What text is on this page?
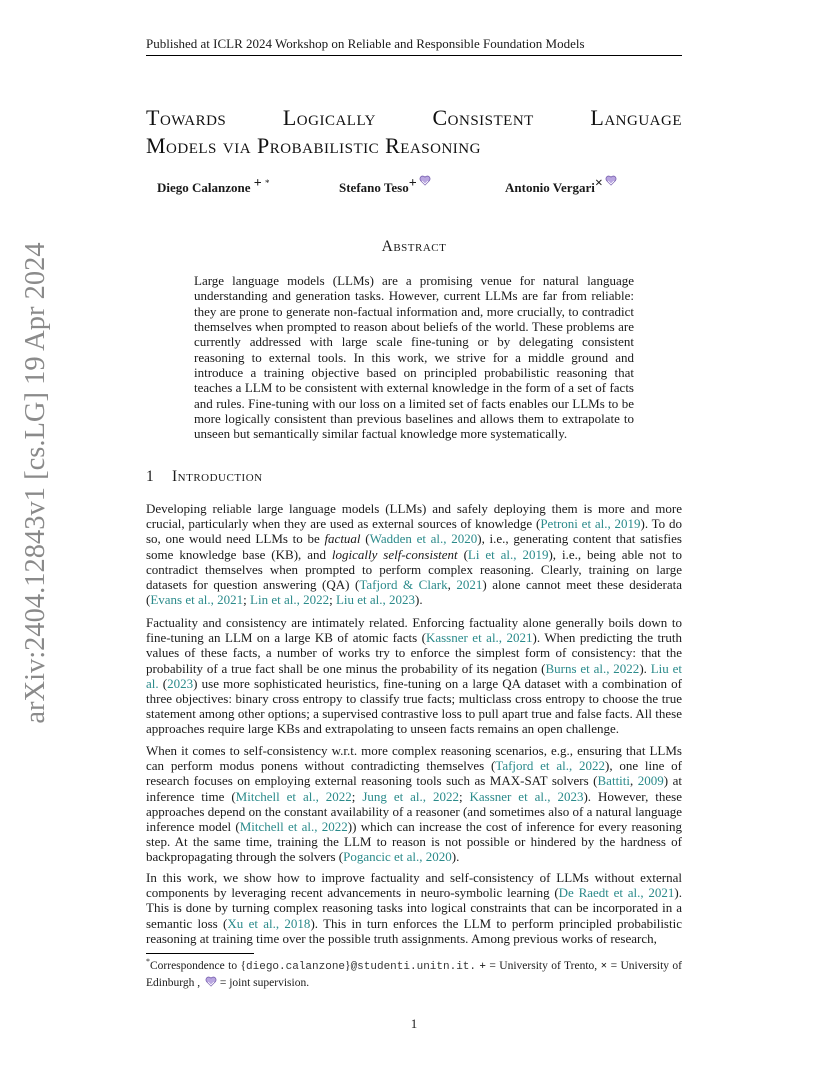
Published at ICLR 2024 Workshop on Reliable and Responsible Foundation Models
arXiv:2404.12843v1 [cs.LG] 19 Apr 2024
Towards Logically Consistent Language
Models via Probabilistic Reasoning
Diego Calanzone + *	Stefano Teso+	Antonio Vergari×
Abstract

Large language models (LLMs) are a promising venue for natural language understanding and generation tasks. However, current LLMs are far from reliable: they are prone to generate non-factual information and, more crucially, to contradict themselves when prompted to reason about beliefs of the world. These problems are currently addressed with large scale fine-tuning or by delegating consistent reasoning to external tools. In this work, we strive for a middle ground and introduce a training objective based on principled probabilistic reasoning that teaches a LLM to be consistent with external knowledge in the form of a set of facts and rules. Fine-tuning with our loss on a limited set of facts enables our LLMs to be more logically consistent than previous baselines and allows them to extrapolate to unseen but semantically similar factual knowledge more systematically.

1 Introduction

Developing reliable large language models (LLMs) and safely deploying them is more and more crucial, particularly when they are used as external sources of knowledge (Petroni et al., 2019). To do so, one would need LLMs to be factual (Wadden et al., 2020), i.e., generating content that satisfies some knowledge base (KB), and logically self-consistent (Li et al., 2019), i.e., being able not to contradict themselves when prompted to perform complex reasoning. Clearly, training on large datasets for question answering (QA) (Tafjord & Clark, 2021) alone cannot meet these desiderata (Evans et al., 2021; Lin et al., 2022; Liu et al., 2023).

Factuality and consistency are intimately related. Enforcing factuality alone generally boils down to fine-tuning an LLM on a large KB of atomic facts (Kassner et al., 2021). When predicting the truth values of these facts, a number of works try to enforce the simplest form of consistency: that the probability of a true fact shall be one minus the probability of its negation (Burns et al., 2022). Liu et al. (2023) use more sophisticated heuristics, fine-tuning on a large QA dataset with a combination of three objectives: binary cross entropy to classify true facts; multiclass cross entropy to choose the true statement among other options; a supervised contrastive loss to pull apart true and false facts. All these approaches require large KBs and extrapolating to unseen facts remains an open challenge.

When it comes to self-consistency w.r.t. more complex reasoning scenarios, e.g., ensuring that LLMs can perform modus ponens without contradicting themselves (Tafjord et al., 2022), one line of research focuses on employing external reasoning tools such as MAX-SAT solvers (Battiti, 2009) at inference time (Mitchell et al., 2022; Jung et al., 2022; Kassner et al., 2023). However, these approaches depend on the constant availability of a reasoner (and sometimes also of a natural language inference model (Mitchell et al., 2022)) which can increase the cost of inference for every reasoning step. At the same time, training the LLM to reason is not possible or hindered by the hardness of backpropagating through the solvers (Pogancic et al., 2020).

In this work, we show how to improve factuality and self-consistency of LLMs without external components by leveraging recent advancements in neuro-symbolic learning (De Raedt et al., 2021). This is done by turning complex reasoning tasks into logical constraints that can be incorporated in a semantic loss (Xu et al., 2018). This in turn enforces the LLM to perform principled probabilistic reasoning at training time over the possible truth assignments. Among previous works of research,

*Correspondence to {diego.calanzone}@studenti.unitn.it. + = University of Trento, × = University of Edinburgh ,  = joint supervision.

1
